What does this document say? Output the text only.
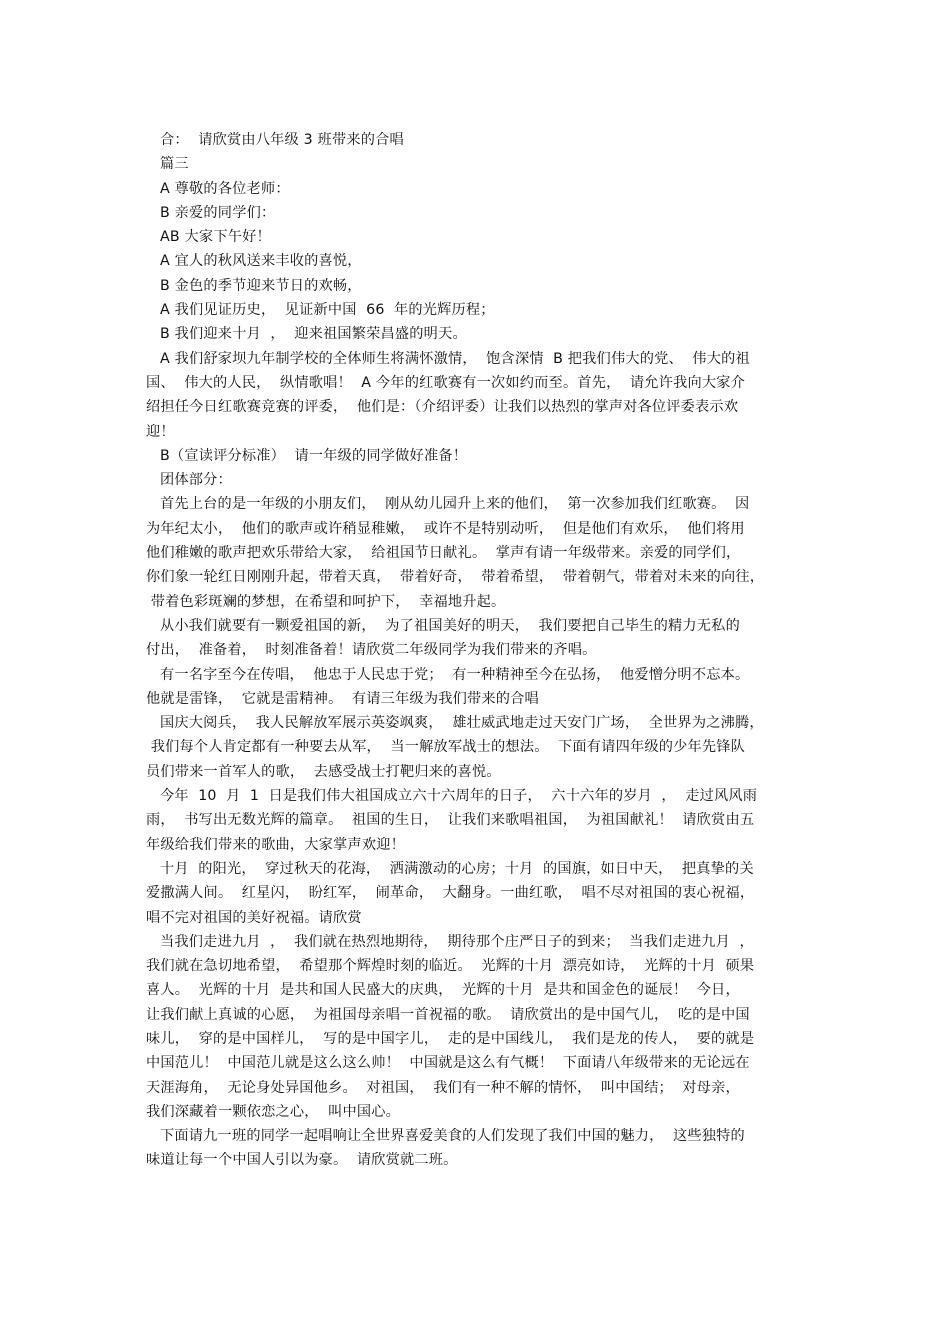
合：  请欣赏由八年级 3 班带来的合唱
篇三
A 尊敬的各位老师：
B 亲爱的同学们：
AB 大家下午好！
A 宜人的秋风送来丰收的喜悦，
B 金色的季节迎来节日的欢畅，
A 我们见证历史，  见证新中国  66  年的光辉历程；
B 我们迎来十月  ，  迎来祖国繁荣昌盛的明天。
A 我们舒家坝九年制学校的全体师生将满怀激情，  饱含深情  B 把我们伟大的党、  伟大的祖
国、  伟大的人民，  纵情歌唱！  A 今年的红歌赛有一次如约而至。首先，  请允许我向大家介
绍担任今日红歌赛竞赛的评委，  他们是：（介绍评委）让我们以热烈的掌声对各位评委表示欢
迎！
B（宣读评分标准）  请一年级的同学做好准备！
团体部分：
首先上台的是一年级的小朋友们，  刚从幼儿园升上来的他们，  第一次参加我们红歌赛。  因
为年纪太小，  他们的歌声或许稍显稚嫩，  或许不是特别动听，  但是他们有欢乐，  他们将用
他们稚嫩的歌声把欢乐带给大家，  给祖国节日献礼。  掌声有请一年级带来。亲爱的同学们，
你们象一轮红日刚刚升起，带着天真，  带着好奇，  带着希望，  带着朝气，带着对未来的向往，
带着色彩斑斓的梦想，在希望和呵护下，  幸福地升起。
从小我们就要有一颗爱祖国的新，  为了祖国美好的明天，  我们要把自己毕生的精力无私的
付出，  准备着，  时刻准备着！请欣赏二年级同学为我们带来的齐唱。
有一名字至今在传唱，  他忠于人民忠于党；  有一种精神至今在弘扬，  他爱憎分明不忘本。
他就是雷锋，  它就是雷精神。  有请三年级为我们带来的合唱
国庆大阅兵，  我人民解放军展示英姿飒爽，  雄壮威武地走过天安门广场，  全世界为之沸腾，
我们每个人肯定都有一种要去从军，  当一解放军战士的想法。  下面有请四年级的少年先锋队
员们带来一首军人的歌，  去感受战士打靶归来的喜悦。
今年  10  月  1  日是我们伟大祖国成立六十六周年的日子，  六十六年的岁月  ，  走过风风雨
雨，  书写出无数光辉的篇章。  祖国的生日，  让我们来歌唱祖国，  为祖国献礼！  请欣赏由五
年级给我们带来的歌曲，大家掌声欢迎！
十月  的阳光，  穿过秋天的花海，  洒满激动的心房；十月  的国旗，如日中天，  把真挚的关
爱撒满人间。  红星闪，  盼红军，  闹革命，  大翻身。一曲红歌，  唱不尽对祖国的衷心祝福，
唱不完对祖国的美好祝福。请欣赏
当我们走进九月  ，  我们就在热烈地期待，  期待那个庄严日子的到来；  当我们走进九月  ，
我们就在急切地希望，  希望那个辉煌时刻的临近。  光辉的十月  漂亮如诗，  光辉的十月  硕果
喜人。  光辉的十月  是共和国人民盛大的庆典，  光辉的十月  是共和国金色的诞辰！  今日，
让我们献上真诚的心愿，  为祖国母亲唱一首祝福的歌。  请欣赏出的是中国气儿，  吃的是中国
味儿，  穿的是中国样儿，  写的是中国字儿，  走的是中国线儿，  我们是龙的传人，  要的就是
中国范儿！  中国范儿就是这么这么帅！  中国就是这么有气概！  下面请八年级带来的无论远在
天涯海角，  无论身处异国他乡。  对祖国，  我们有一种不解的情怀，  叫中国结；  对母亲，
我们深藏着一颗依恋之心，  叫中国心。
下面请九一班的同学一起唱响让全世界喜爱美食的人们发现了我们中国的魅力，  这些独特的
味道让每一个中国人引以为豪。  请欣赏就二班。
